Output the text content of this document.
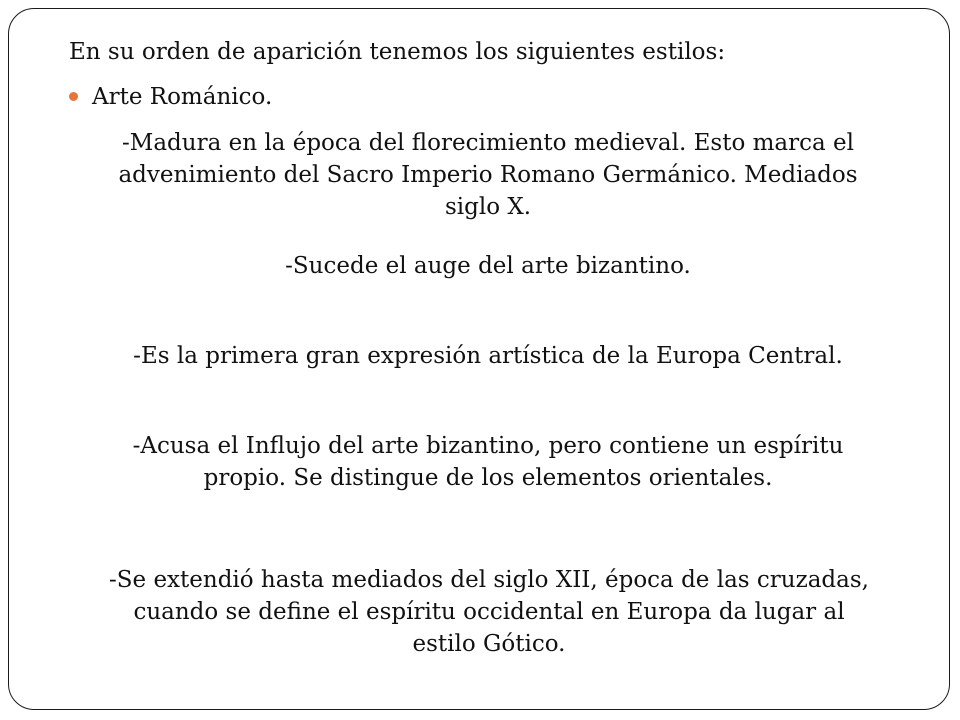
En su orden de aparición tenemos los siguientes estilos:
Arte Románico.
-Madura en la época del florecimiento medieval. Esto marca el
advenimiento del Sacro Imperio Romano Germánico. Mediados
siglo X.
-Sucede el auge del arte bizantino.
-Es la primera gran expresión artística de la Europa Central.
-Acusa el Influjo del arte bizantino, pero contiene un espíritu
propio. Se distingue de los elementos orientales.
-Se extendió hasta mediados del siglo XII, época de las cruzadas,
cuando se define el espíritu occidental en Europa da lugar al
estilo Gótico.
